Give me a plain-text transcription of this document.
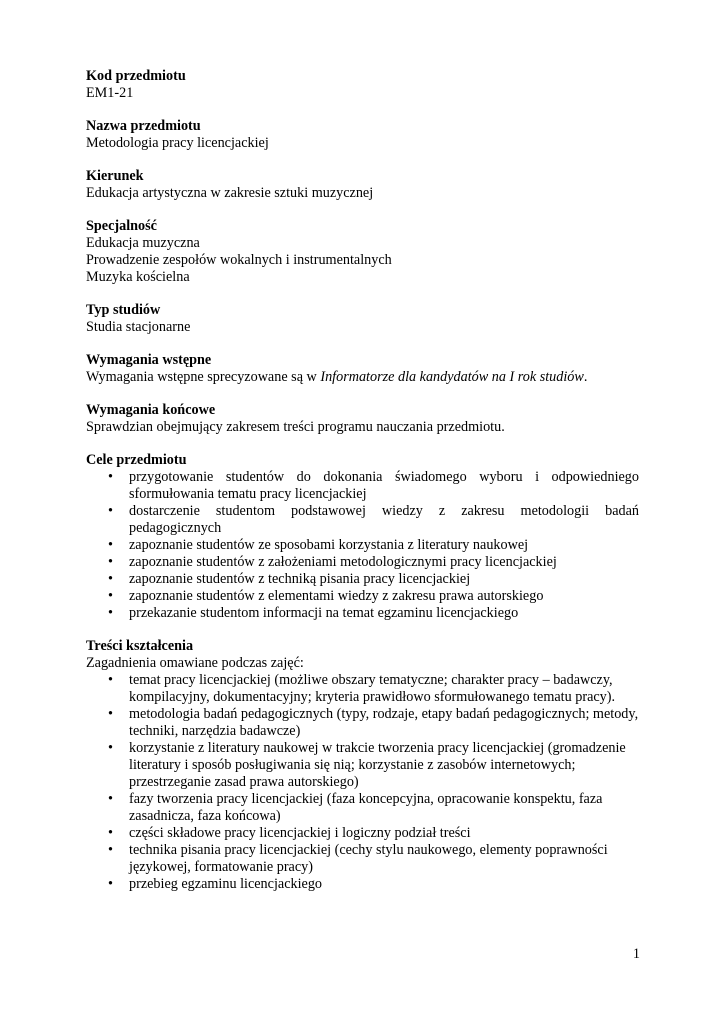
Kod przedmiotu

EM1-21

Nazwa przedmiotu

Metodologia pracy licencjackiej

Kierunek

Edukacja artystyczna w zakresie sztuki muzycznej

Specjalność

Edukacja muzyczna

Prowadzenie zespołów wokalnych i instrumentalnych

Muzyka kościelna

Typ studiów

Studia stacjonarne

Wymagania wstępne

Wymagania wstępne sprecyzowane są w Informatorze dla kandydatów na I rok studiów.

Wymagania końcowe

Sprawdzian obejmujący zakresem treści programu nauczania przedmiotu.

Cele przedmiotu

• przygotowanie studentów do dokonania świadomego wyboru i odpowiedniego sformułowania tematu pracy licencjackiej
• dostarczenie studentom podstawowej wiedzy z zakresu metodologii badań pedagogicznych
• zapoznanie studentów ze sposobami korzystania z literatury naukowej
• zapoznanie studentów z założeniami metodologicznymi pracy licencjackiej
• zapoznanie studentów z techniką pisania pracy licencjackiej
• zapoznanie studentów z elementami wiedzy z zakresu prawa autorskiego
• przekazanie studentom informacji na temat egzaminu licencjackiego

Treści kształcenia

Zagadnienia omawiane podczas zajęć:

• temat pracy licencjackiej (możliwe obszary tematyczne; charakter pracy – badawczy, kompilacyjny, dokumentacyjny; kryteria prawidłowo sformułowanego tematu pracy).
• metodologia badań pedagogicznych (typy, rodzaje, etapy badań pedagogicznych; metody, techniki, narzędzia badawcze)
• korzystanie z literatury naukowej w trakcie tworzenia pracy licencjackiej (gromadzenie literatury i sposób posługiwania się nią; korzystanie z zasobów internetowych; przestrzeganie zasad prawa autorskiego)
• fazy tworzenia pracy licencjackiej (faza koncepcyjna, opracowanie konspektu, faza zasadnicza, faza końcowa)
• części składowe pracy licencjackiej i logiczny podział treści
• technika pisania pracy licencjackiej (cechy stylu naukowego, elementy poprawności językowej, formatowanie pracy)
• przebieg egzaminu licencjackiego
1
